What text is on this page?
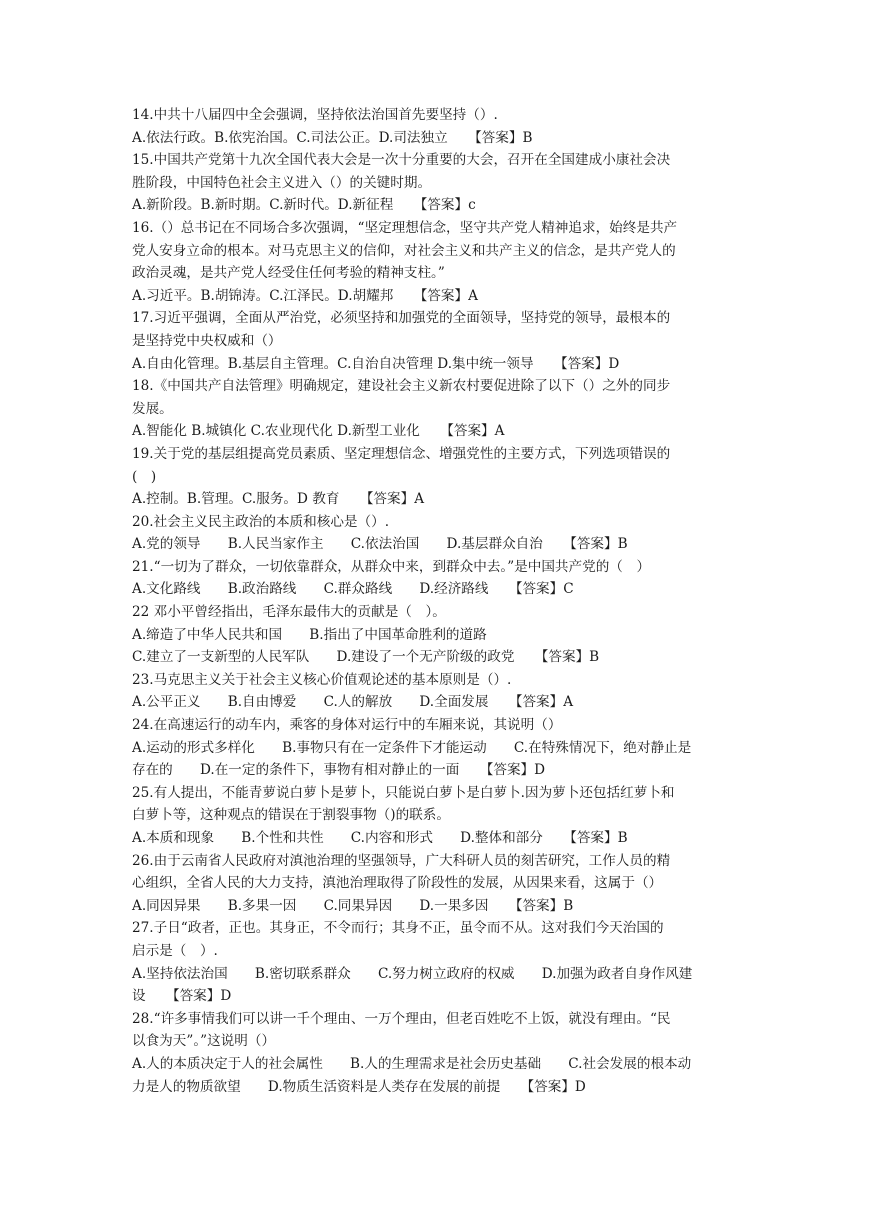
14.中共十八届四中全会强调，坚持依法治国首先要坚持（）.
A.依法行政。B.依宪治国。C.司法公正。D.司法独立　　【答案】B
15.中国共产党第十九次全国代表大会是一次十分重要的大会，召开在全国建成小康社会决
胜阶段，中国特色社会主义进入（）的关键时期。
A.新阶段。B.新时期。C.新时代。D.新征程　　【答案】c
16.（）总书记在不同场合多次强调，“坚定理想信念，坚守共产党人精神追求，始终是共产
党人安身立命的根本。对马克思主义的信仰，对社会主义和共产主义的信念，是共产党人的
政治灵魂，是共产党人经受住任何考验的精神支柱。”
A.习近平。B.胡锦涛。C.江泽民。D.胡耀邦　　【答案】A
17.习近平强调，全面从严治党，必须坚持和加强党的全面领导，坚持党的领导，最根本的
是坚持党中央权威和（）
A.自由化管理。B.基层自主管理。C.自治自决管理 D.集中统一领导　　【答案】D
18.《中国共产自法管理》明确规定，建设社会主义新农村要促进除了以下（）之外的同步
发展。
A.智能化 B.城镇化 C.农业现代化 D.新型工业化　　【答案】A
19.关于党的基层组提高党员素质、坚定理想信念、增强党性的主要方式，下列选项错误的
(　)
A.控制。B.管理。C.服务。D 教育　　【答案】A
20.社会主义民主政治的本质和核心是（）.
A.党的领导　　B.人民当家作主　　C.依法治国　　D.基层群众自治　　【答案】B
21.“一切为了群众，一切依靠群众，从群众中来，到群众中去。”是中国共产党的（　）
A.文化路线　　B.政治路线　　C.群众路线　　D.经济路线　　【答案】C
22 邓小平曾经指出，毛泽东最伟大的贡献是（　）。
A.缔造了中华人民共和国　　B.指出了中国革命胜利的道路
C.建立了一支新型的人民军队　　D.建设了一个无产阶级的政党　　【答案】B
23.马克思主义关于社会主义核心价值观论述的基本原则是（）.
A.公平正义　　B.自由博爱　　C.人的解放　　D.全面发展　　【答案】A
24.在高速运行的动车内，乘客的身体对运行中的车厢来说，其说明（）
A.运动的形式多样化　　B.事物只有在一定条件下才能运动　　C.在特殊情况下，绝对静止是
存在的　　D.在一定的条件下，事物有相对静止的一面　　【答案】D
25.有人提出，不能青萝说白萝卜是萝卜，只能说白萝卜是白萝卜.因为萝卜还包括红萝卜和
白萝卜等，这种观点的错误在于割裂事物（)的联系。
A.本质和现象　　B.个性和共性　　C.内容和形式　　D.整体和部分　　【答案】B
26.由于云南省人民政府对滇池治理的坚强领导，广大科研人员的刻苦研究，工作人员的精
心组织，全省人民的大力支持，滇池治理取得了阶段性的发展，从因果来看，这属于（）
A.同因异果　　B.多果一因　　C.同果异因　　D.一果多因　　【答案】B
27.子日“政者，正也。其身正，不令而行；其身不正，虽令而不从。这对我们今天治国的
启示是（　）.
A.坚持依法治国　　B.密切联系群众　　C.努力树立政府的权威　　D.加强为政者自身作风建
设　　【答案】D
28.“许多事情我们可以讲一千个理由、一万个理由，但老百姓吃不上饭，就没有理由。“民
以食为天”。”这说明（）
A.人的本质决定于人的社会属性　　B.人的生理需求是社会历史基础　　C.社会发展的根本动
力是人的物质欲望　　D.物质生活资料是人类存在发展的前提　　【答案】D
